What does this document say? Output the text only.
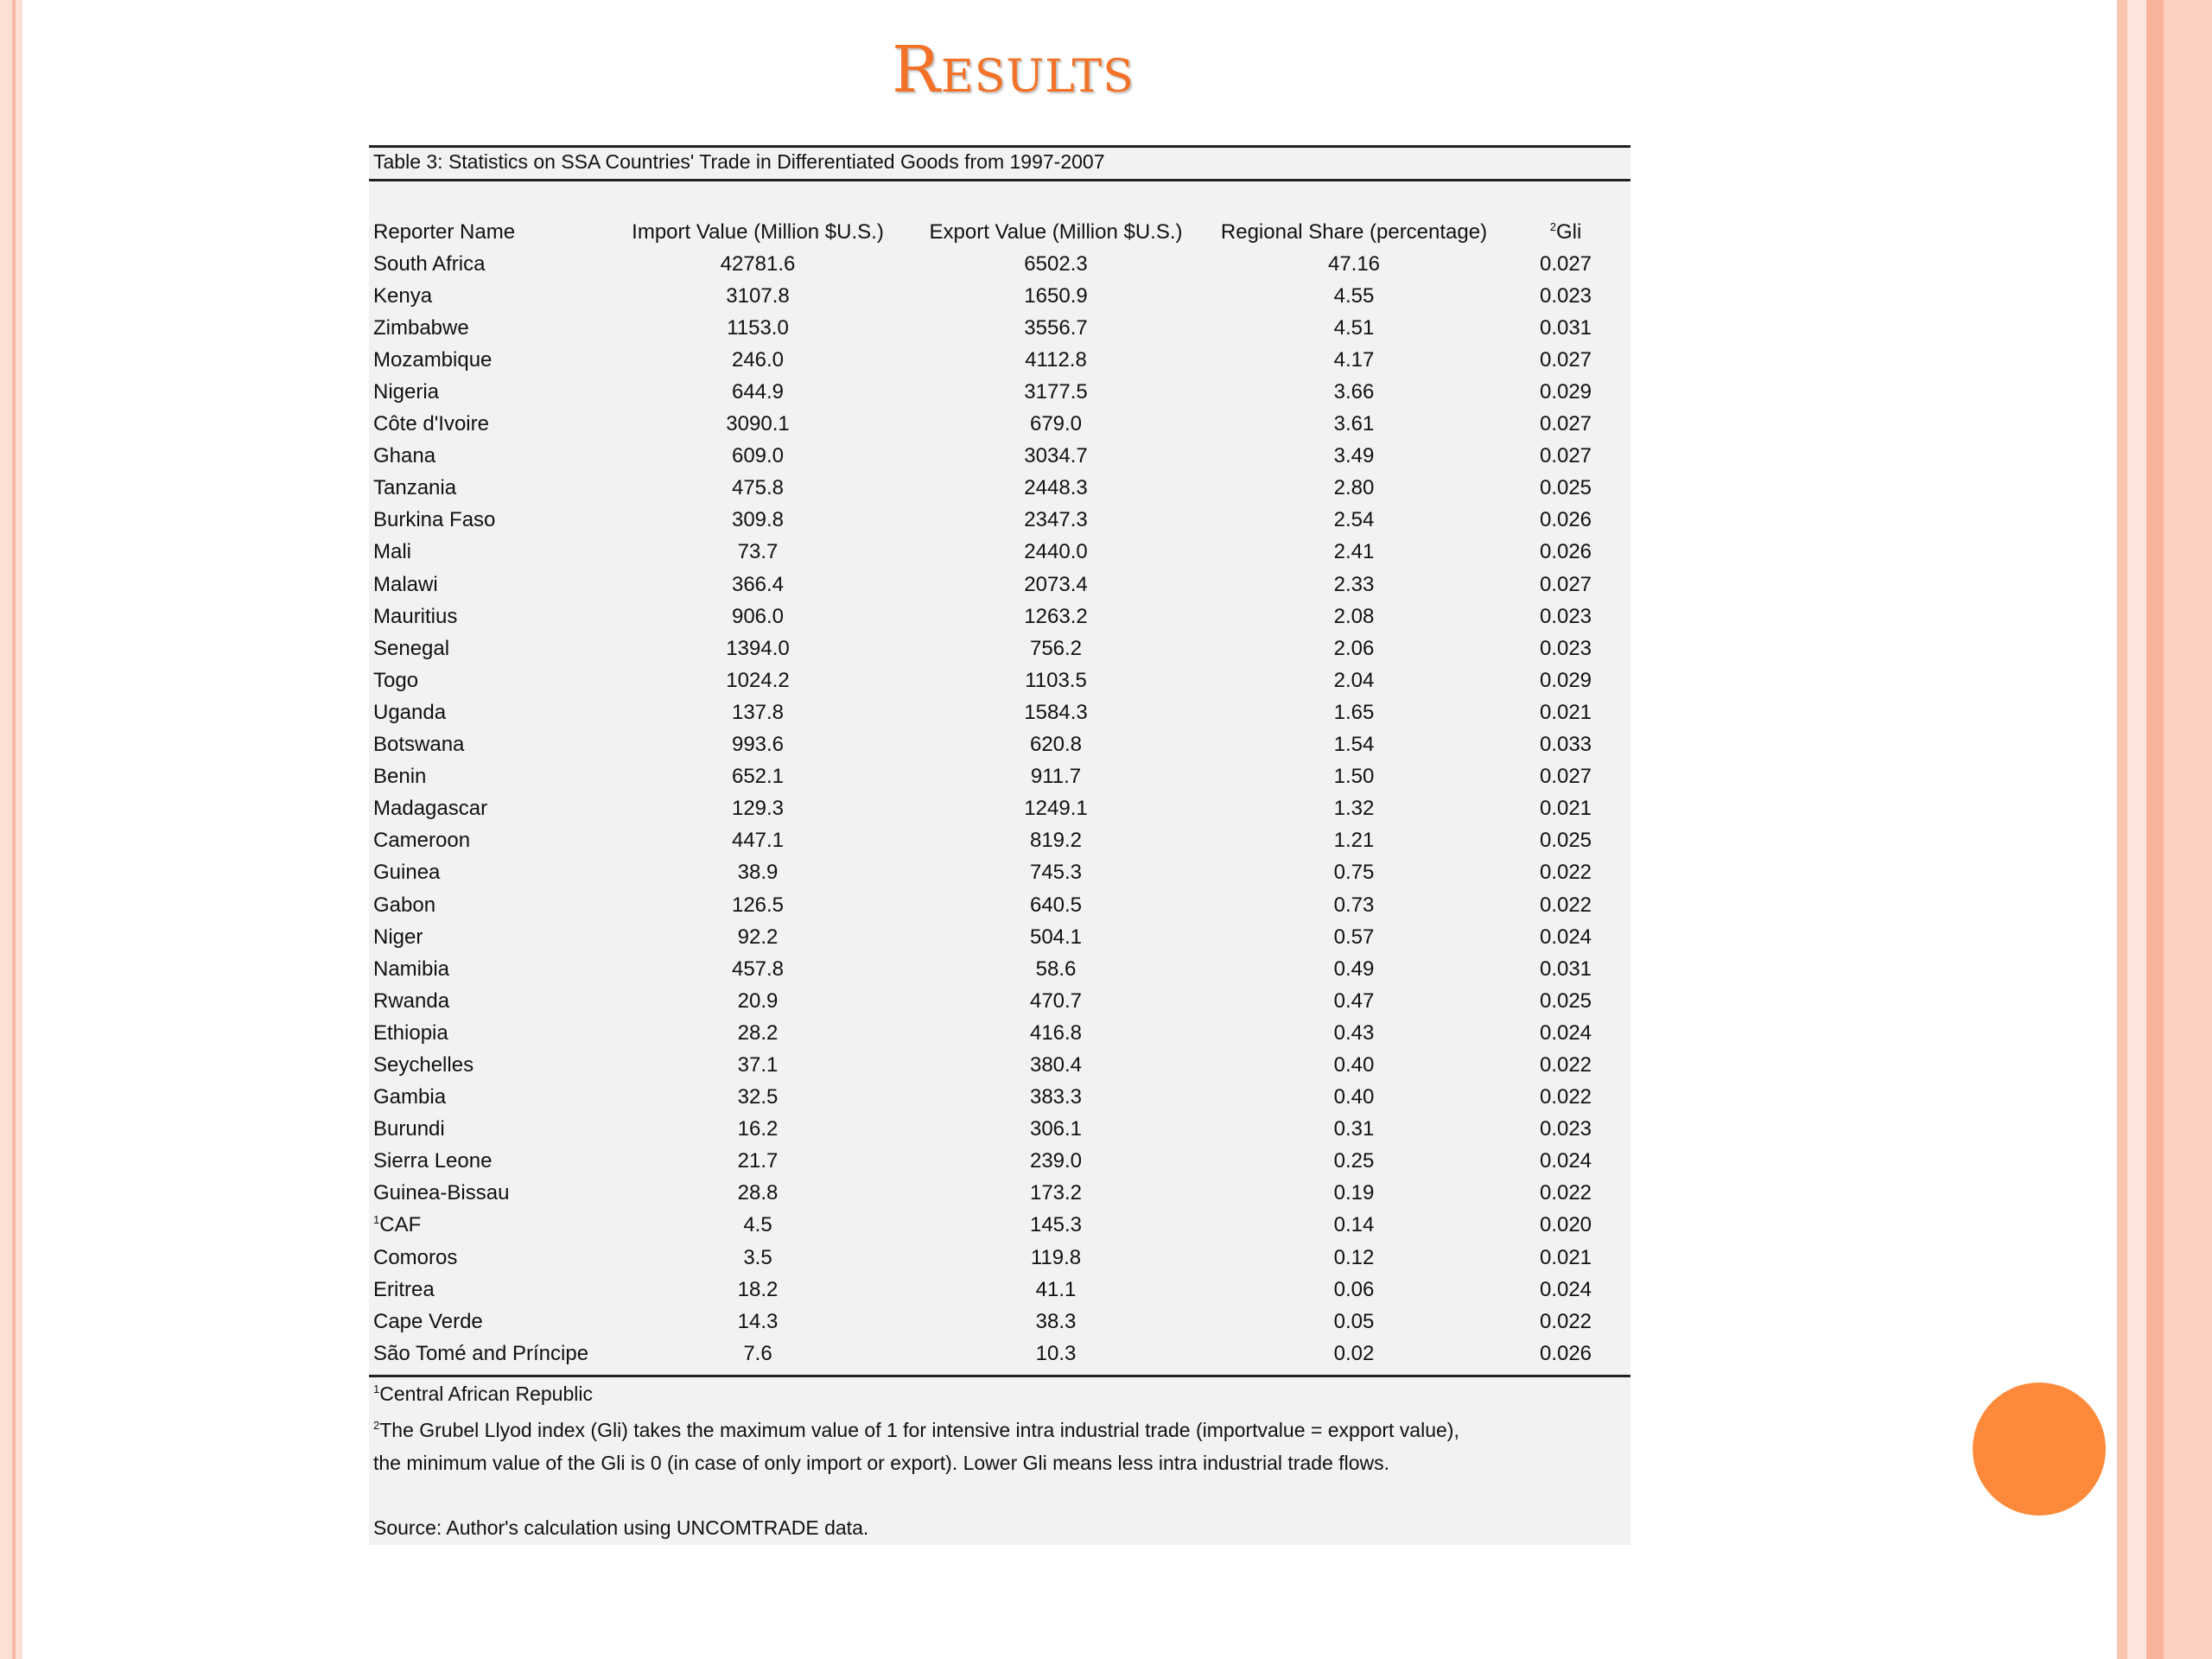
Results
Table 3: Statistics on SSA Countries' Trade in Differentiated Goods from 1997-2007
Reporter Name	Import Value (Million $U.S.)	Export Value (Million $U.S.)	Regional Share (percentage)	$^2$Gli
South Africa	42781.6	6502.3	47.16	0.027
Kenya	3107.8	1650.9	4.55	0.023
Zimbabwe	1153.0	3556.7	4.51	0.031
Mozambique	246.0	4112.8	4.17	0.027
Nigeria	644.9	3177.5	3.66	0.029
Côte d'Ivoire	3090.1	679.0	3.61	0.027
Ghana	609.0	3034.7	3.49	0.027
Tanzania	475.8	2448.3	2.80	0.025
Burkina Faso	309.8	2347.3	2.54	0.026
Mali	73.7	2440.0	2.41	0.026
Malawi	366.4	2073.4	2.33	0.027
Mauritius	906.0	1263.2	2.08	0.023
Senegal	1394.0	756.2	2.06	0.023
Togo	1024.2	1103.5	2.04	0.029
Uganda	137.8	1584.3	1.65	0.021
Botswana	993.6	620.8	1.54	0.033
Benin	652.1	911.7	1.50	0.027
Madagascar	129.3	1249.1	1.32	0.021
Cameroon	447.1	819.2	1.21	0.025
Guinea	38.9	745.3	0.75	0.022
Gabon	126.5	640.5	0.73	0.022
Niger	92.2	504.1	0.57	0.024
Namibia	457.8	58.6	0.49	0.031
Rwanda	20.9	470.7	0.47	0.025
Ethiopia	28.2	416.8	0.43	0.024
Seychelles	37.1	380.4	0.40	0.022
Gambia	32.5	383.3	0.40	0.022
Burundi	16.2	306.1	0.31	0.023
Sierra Leone	21.7	239.0	0.25	0.024
Guinea-Bissau	28.8	173.2	0.19	0.022
$^1$CAF	4.5	145.3	0.14	0.020
Comoros	3.5	119.8	0.12	0.021
Eritrea	18.2	41.1	0.06	0.024
Cape Verde	14.3	38.3	0.05	0.022
São Tomé and Príncipe	7.6	10.3	0.02	0.026
$^1$Central African Republic
$^2$The Grubel Llyod index (Gli) takes the maximum value of 1 for intensive intra industrial trade (importvalue = expport value),
the minimum value of the Gli is 0 (in case of only import or export). Lower Gli means less intra industrial trade flows.
Source: Author's calculation using UNCOMTRADE data.
